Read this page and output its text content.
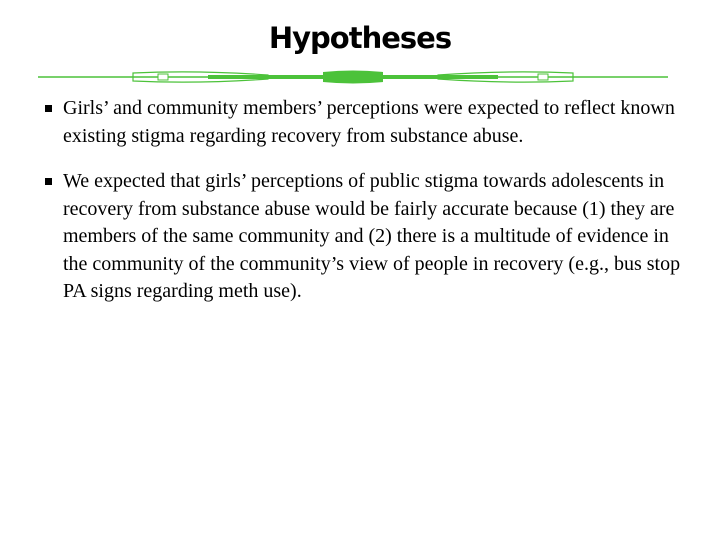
Hypotheses
Girls’ and community members’ perceptions were expected to reflect known existing stigma regarding recovery from substance abuse.
We expected that girls’ perceptions of public stigma towards adolescents in recovery from substance abuse would be fairly accurate because (1) they are members of the same community and (2) there is a multitude of evidence in the community of the community’s view of people in recovery (e.g., bus stop PA signs regarding meth use).
